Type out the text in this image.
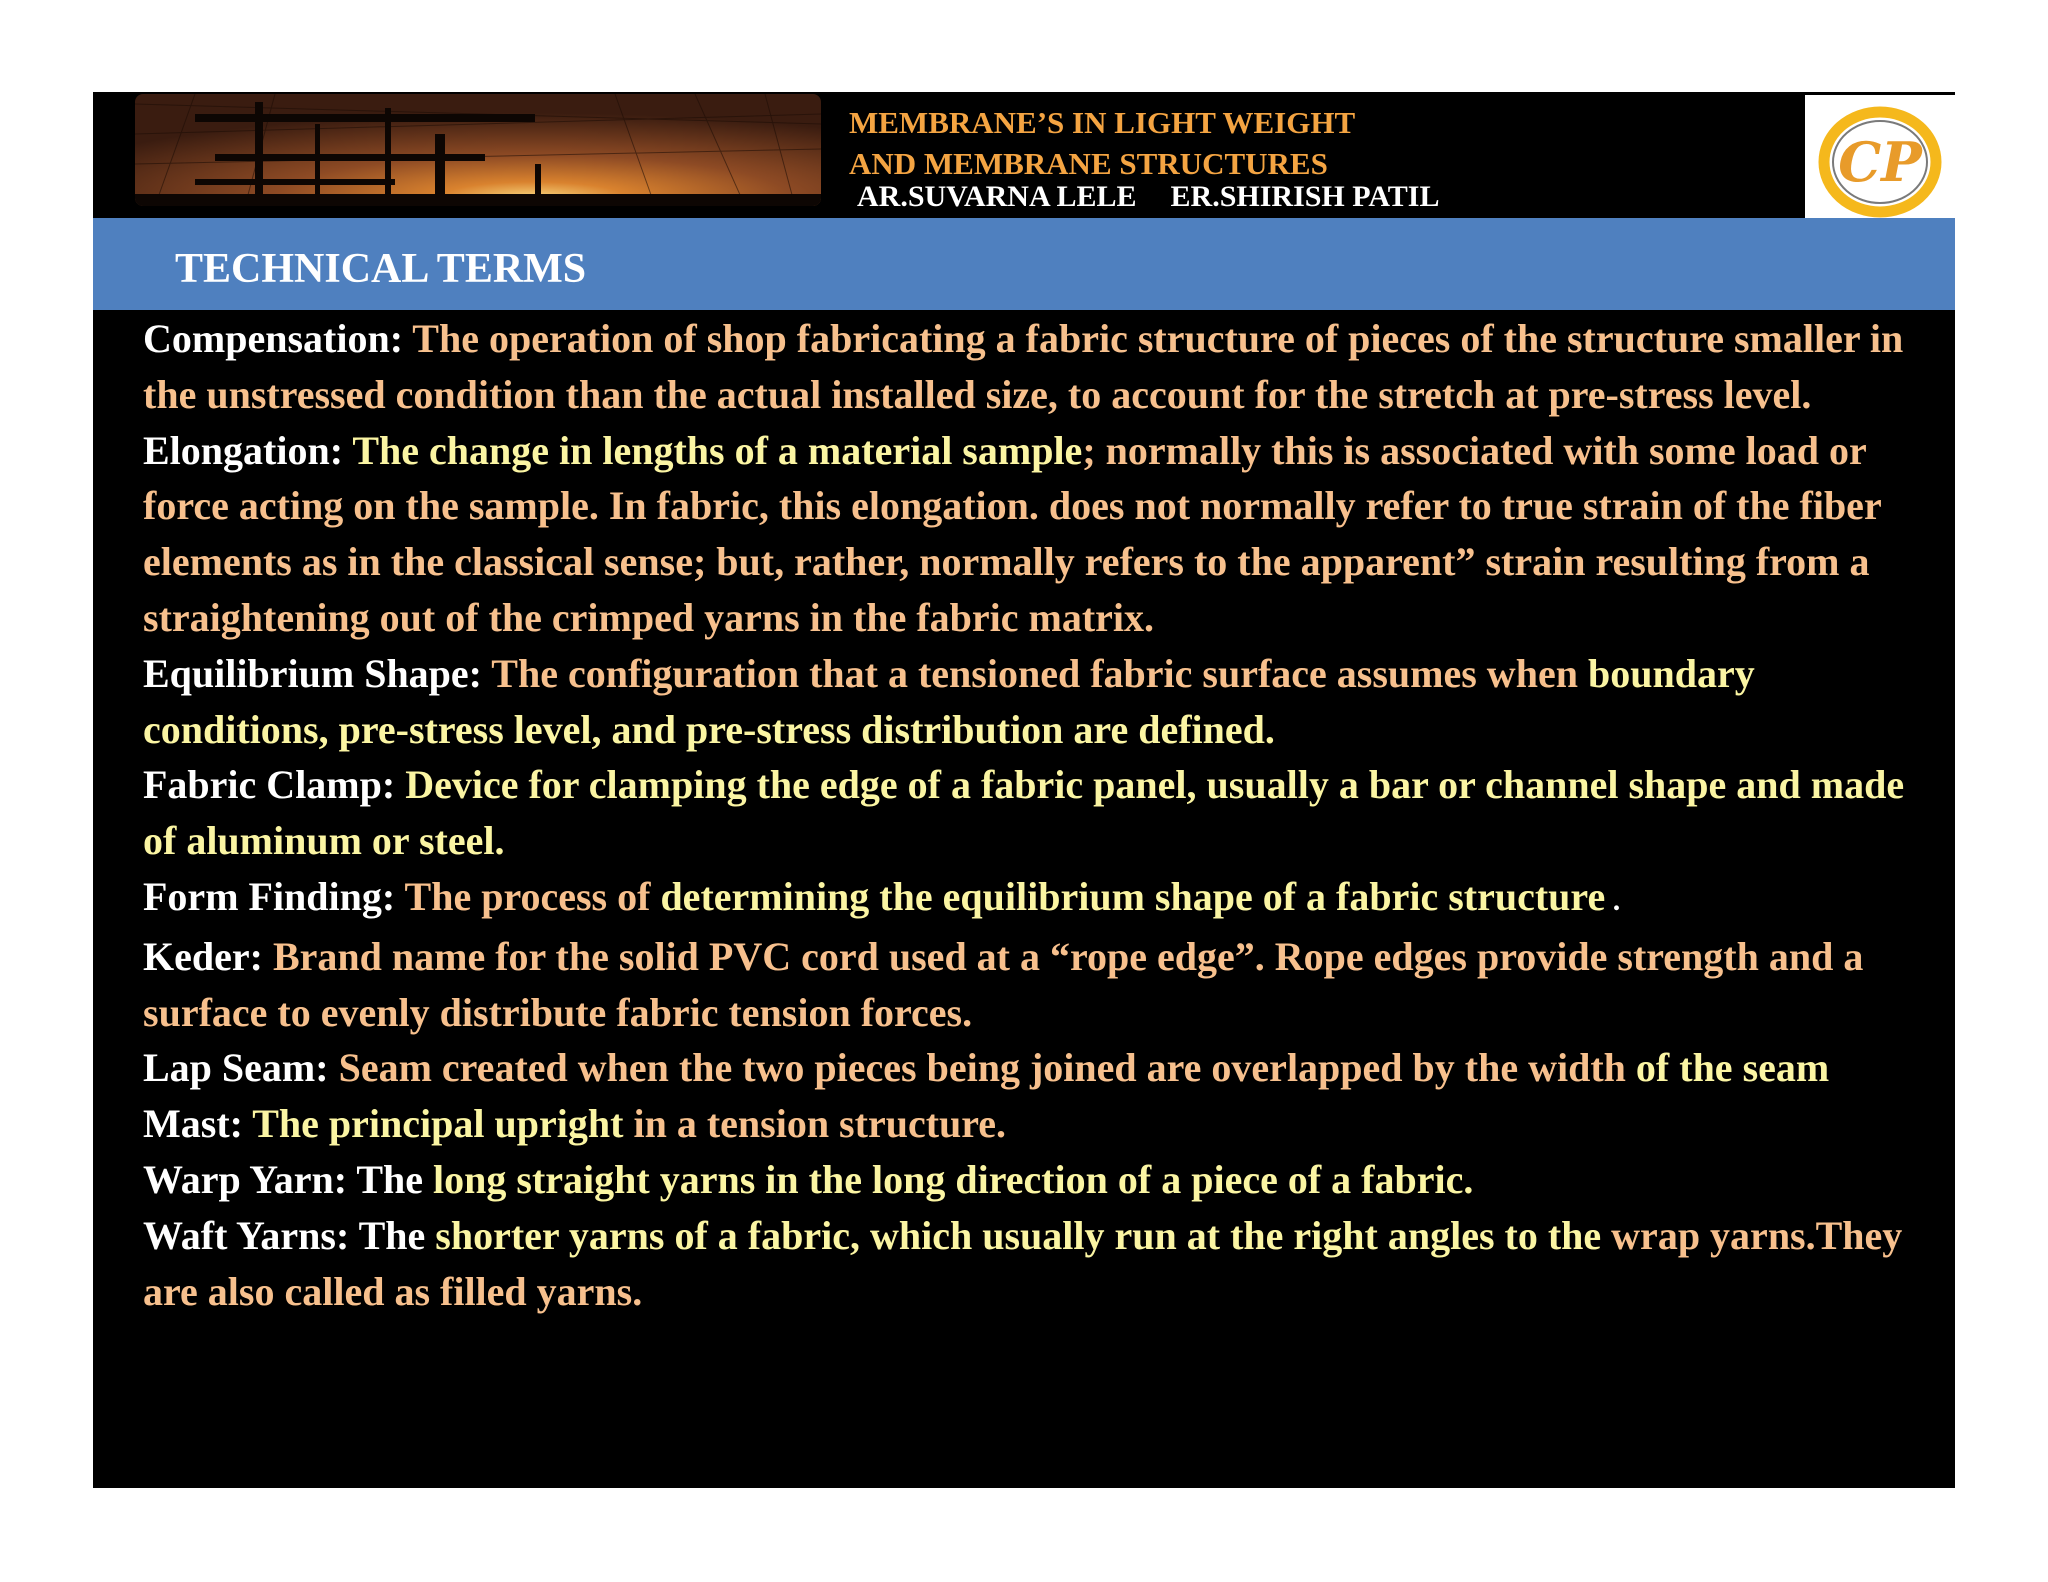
MEMBRANE’S IN LIGHT WEIGHT
AND MEMBRANE STRUCTURES
AR.SUVARNA LELE ER.SHIRISH PATIL
CP
TECHNICAL TERMS

Compensation: The operation of shop fabricating a fabric structure of pieces of the structure smaller in the unstressed condition than the actual installed size, to account for the stretch at pre-stress level.

Elongation: The change in lengths of a material sample; normally this is associated with some load or force acting on the sample. In fabric, this elongation. does not normally refer to true strain of the fiber elements as in the classical sense; but, rather, normally refers to the apparent” strain resulting from a straightening out of the crimped yarns in the fabric matrix.

Equilibrium Shape: The configuration that a tensioned fabric surface assumes when boundary conditions, pre-stress level, and pre-stress distribution are defined.

Fabric Clamp: Device for clamping the edge of a fabric panel, usually a bar or channel shape and made of aluminum or steel.

Form Finding: The process of determining the equilibrium shape of a fabric structure .

Keder: Brand name for the solid PVC cord used at a “rope edge”. Rope edges provide strength and a surface to evenly distribute fabric tension forces.

Lap Seam: Seam created when the two pieces being joined are overlapped by the width of the seam

Mast: The principal upright in a tension structure.

Warp Yarn: The long straight yarns in the long direction of a piece of a fabric.

Waft Yarns: The shorter yarns of a fabric, which usually run at the right angles to the wrap yarns.They are also called as filled yarns.
